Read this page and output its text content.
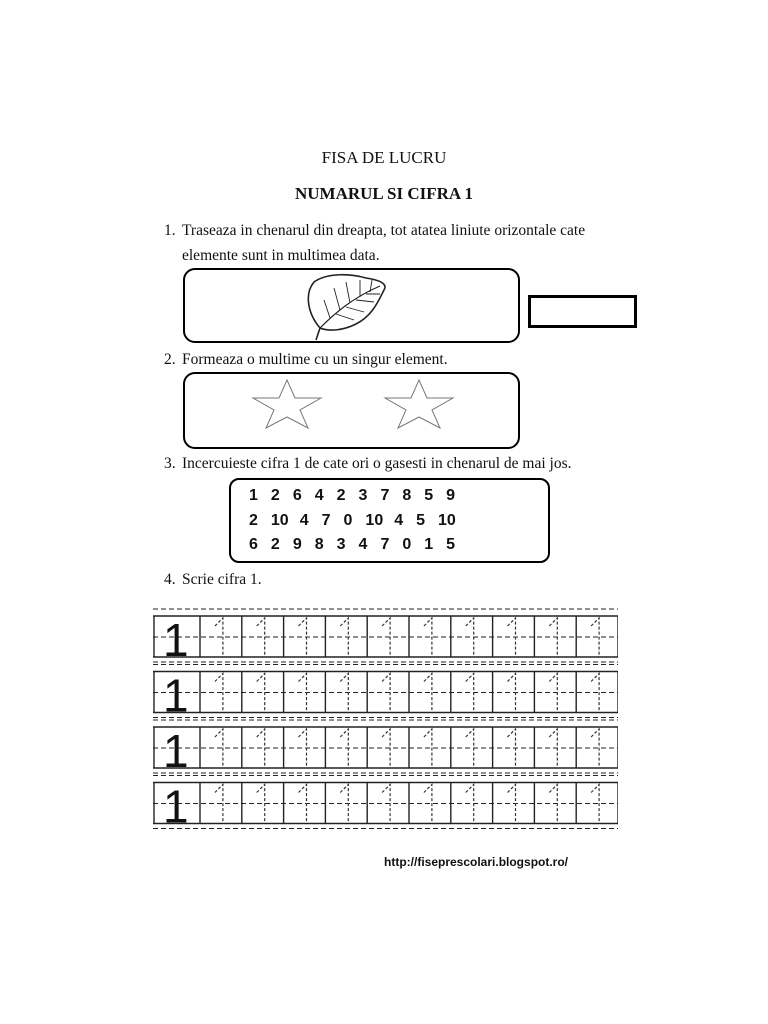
FISA DE LUCRU
NUMARUL SI CIFRA 1
1. Traseaza in chenarul din dreapta, tot atatea liniute orizontale cate
elemente sunt in multimea data.
2. Formeaza o multime cu un singur element.
3. Incercuieste cifra 1 de cate ori o gasesti in chenarul de mai jos.
1 2 6 4 2 3 7 8 5 9
2 10 4 7 0 10 4 5 10
6 2 9 8 3 4 7 0 1 5
4. Scrie cifra 1.
1
1
1
1
http://fiseprescolari.blogspot.ro/
